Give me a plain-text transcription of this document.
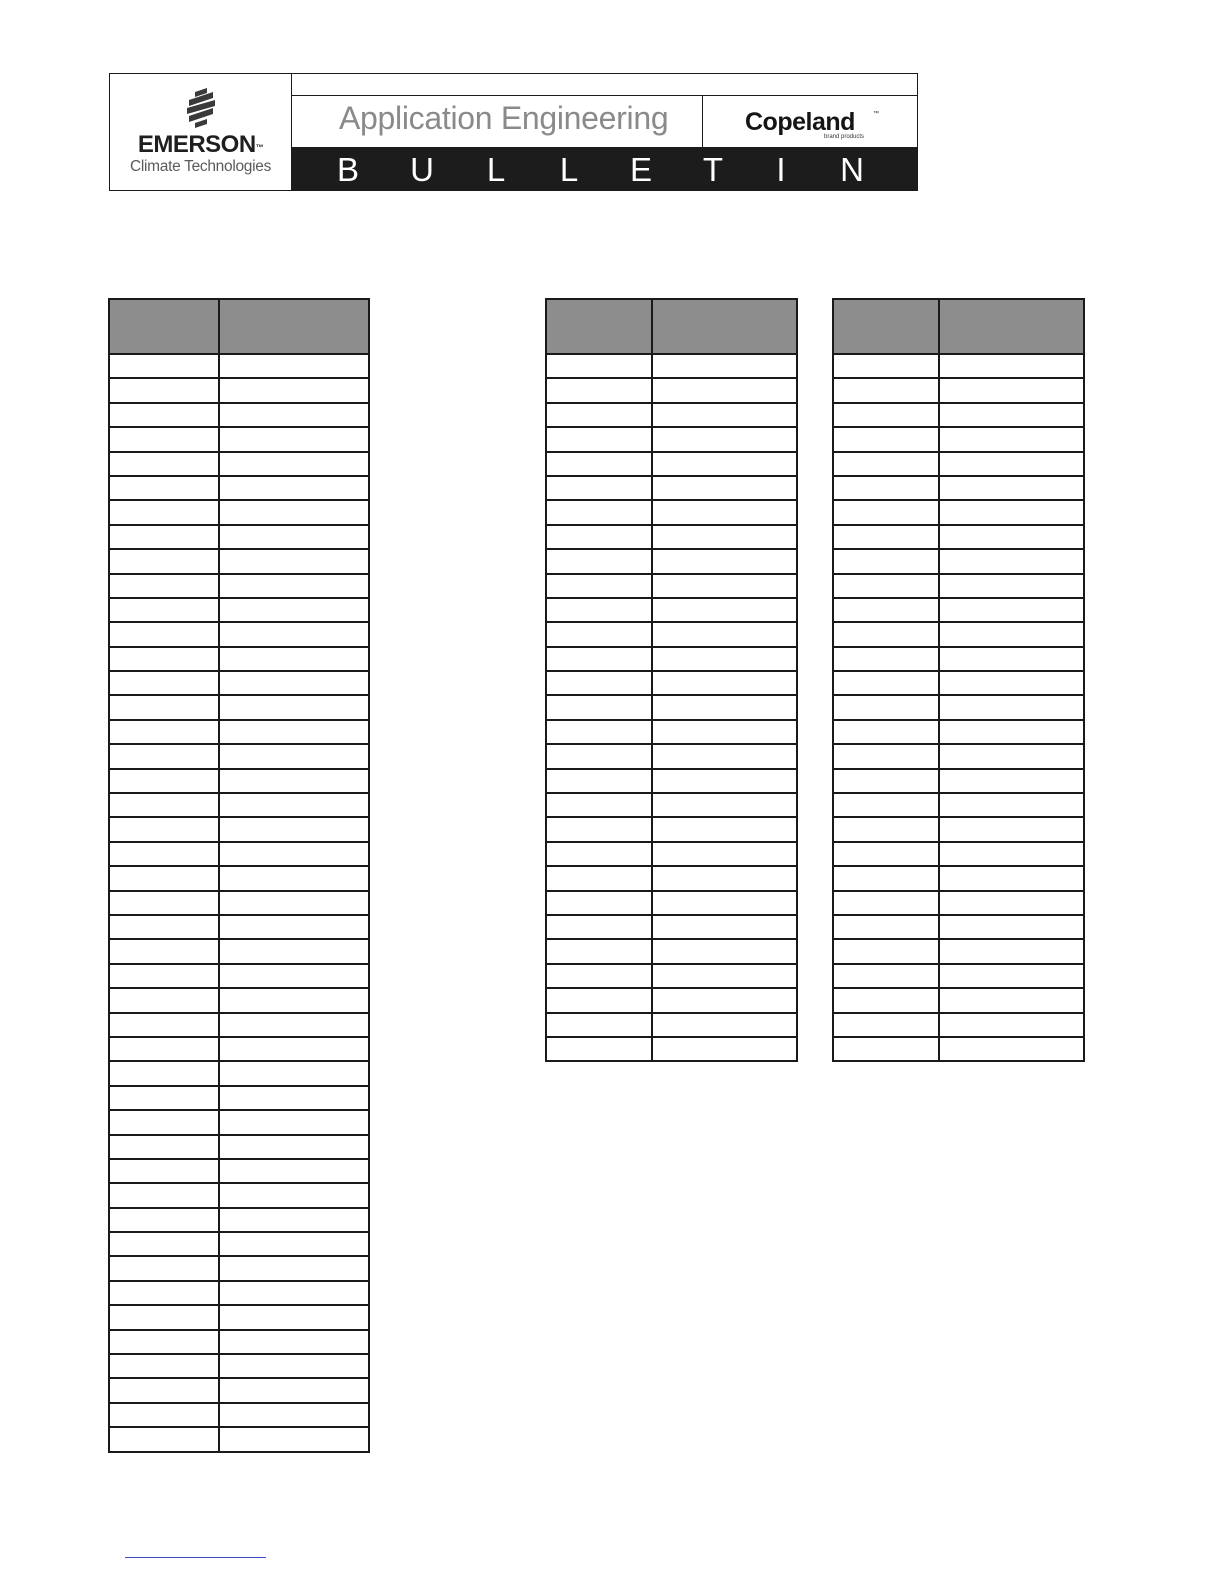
EMERSON™
Climate Technologies
Application Engineering	Copeland	™
brand products
B U L L E T	I	N
